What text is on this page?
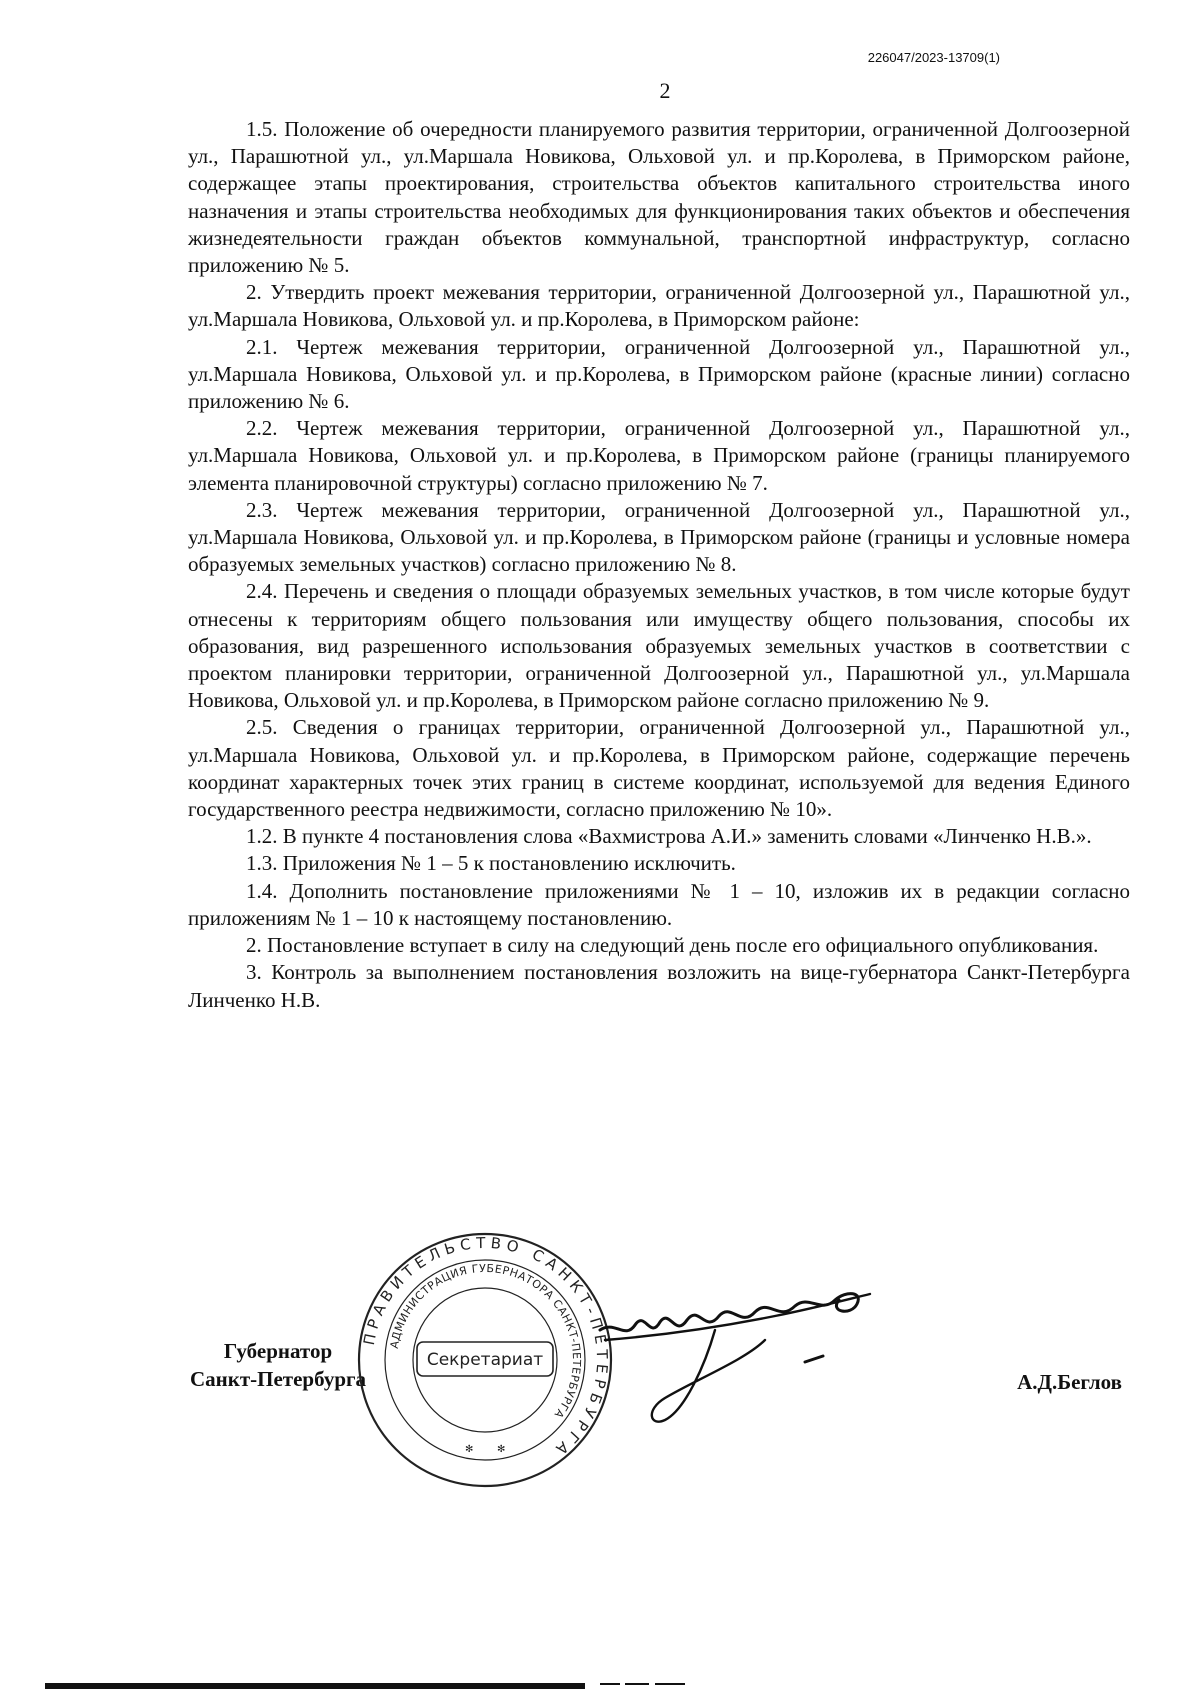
226047/2023-13709(1)
2

1.5. Положение об очередности планируемого развития территории, ограниченной Долгоозерной ул., Парашютной ул., ул.Маршала Новикова, Ольховой ул. и пр.Королева, в Приморском районе, содержащее этапы проектирования, строительства объектов капитального строительства иного назначения и этапы строительства необходимых для функционирования таких объектов и обеспечения жизнедеятельности граждан объектов коммунальной, транспортной инфраструктур, согласно приложению № 5.

2. Утвердить проект межевания территории, ограниченной Долгоозерной ул., Парашютной ул., ул.Маршала Новикова, Ольховой ул. и пр.Королева, в Приморском районе:

2.1. Чертеж межевания территории, ограниченной Долгоозерной ул., Парашютной ул., ул.Маршала Новикова, Ольховой ул. и пр.Королева, в Приморском районе (красные линии) согласно приложению № 6.

2.2. Чертеж межевания территории, ограниченной Долгоозерной ул., Парашютной ул., ул.Маршала Новикова, Ольховой ул. и пр.Королева, в Приморском районе (границы планируемого элемента планировочной структуры) согласно приложению № 7.

2.3. Чертеж межевания территории, ограниченной Долгоозерной ул., Парашютной ул., ул.Маршала Новикова, Ольховой ул. и пр.Королева, в Приморском районе (границы и условные номера образуемых земельных участков) согласно приложению № 8.

2.4. Перечень и сведения о площади образуемых земельных участков, в том числе которые будут отнесены к территориям общего пользования или имуществу общего пользования, способы их образования, вид разрешенного использования образуемых земельных участков в соответствии с проектом планировки территории, ограниченной Долгоозерной ул., Парашютной ул., ул.Маршала Новикова, Ольховой ул. и пр.Королева, в Приморском районе согласно приложению № 9.

2.5. Сведения о границах территории, ограниченной Долгоозерной ул., Парашютной ул., ул.Маршала Новикова, Ольховой ул. и пр.Королева, в Приморском районе, содержащие перечень координат характерных точек этих границ в системе координат, используемой для ведения Единого государственного реестра недвижимости, согласно приложению № 10».

1.2. В пункте 4 постановления слова «Вахмистрова А.И.» заменить словами «Линченко Н.В.».

1.3. Приложения № 1 – 5 к постановлению исключить.

1.4. Дополнить постановление приложениями № 1 – 10, изложив их в редакции согласно приложениям № 1 – 10 к настоящему постановлению.

2. Постановление вступает в силу на следующий день после его официального опубликования.

3. Контроль за выполнением постановления возложить на вице-губернатора Санкт-Петербурга Линченко Н.В.

Губернатор
Санкт-Петербурга
ПРАВИТЕЛЬСТВО САНКТ-ПЕТЕРБУРГА
АДМИНИСТРАЦИЯ ГУБЕРНАТОРА САНКТ-ПЕТЕРБУРГА
Секретариат
✻ ✻
А.Д.Беглов
